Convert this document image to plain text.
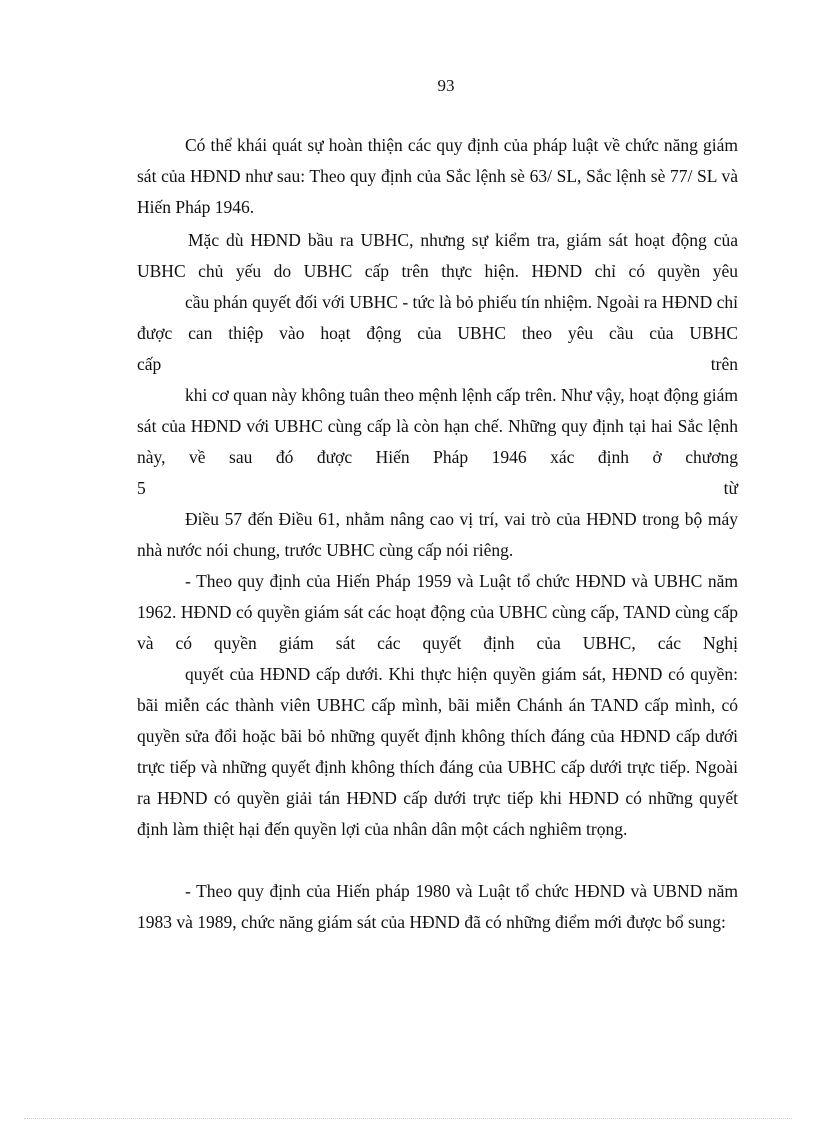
93

Có thể khái quát sự hoàn thiện các quy định của pháp luật về chức năng giám sát của HĐND như sau: Theo quy định của Sắc lệnh sè 63/ SL, Sắc lệnh sè 77/ SL và Hiến Pháp 1946.

Mặc dù HĐND bầu ra UBHC, nhưng sự kiểm tra, giám sát hoạt động của UBHC chủ yếu do UBHC cấp trên thực hiện. HĐND chỉ có quyền yêu

cầu phán quyết đối với UBHC - tức là bỏ phiếu tín nhiệm. Ngoài ra HĐND chỉ được can thiệp vào hoạt động của UBHC theo yêu cầu của UBHC

cấp	trên

khi cơ quan này không tuân theo mệnh lệnh cấp trên. Như vậy, hoạt động giám sát của HĐND với UBHC cùng cấp là còn hạn chế. Những quy định tại hai Sắc lệnh này, về sau đó được Hiến Pháp 1946 xác định ở chương

5	từ

Điều 57 đến Điều 61, nhằm nâng cao vị trí, vai trò của HĐND trong bộ máy nhà nước nói chung, trước UBHC cùng cấp nói riêng.

- Theo quy định của Hiến Pháp 1959 và Luật tổ chức HĐND và UBHC năm 1962. HĐND có quyền giám sát các hoạt động của UBHC cùng cấp, TAND cùng cấp và có quyền giám sát các quyết định của UBHC, các Nghị

quyết của HĐND cấp dưới. Khi thực hiện quyền giám sát, HĐND có quyền: bãi miễn các thành viên UBHC cấp mình, bãi miễn Chánh án TAND cấp mình, có quyền sửa đổi hoặc bãi bỏ những quyết định không thích đáng của HĐND cấp dưới trực tiếp và những quyết định không thích đáng của UBHC cấp dưới trực tiếp. Ngoài ra HĐND có quyền giải tán HĐND cấp dưới trực tiếp khi HĐND có những quyết định làm thiệt hại đến quyền lợi của nhân dân một cách nghiêm trọng.

- Theo quy định của Hiến pháp 1980 và Luật tổ chức HĐND và UBND năm 1983 và 1989, chức năng giám sát của HĐND đã có những điểm mới được bổ sung:
